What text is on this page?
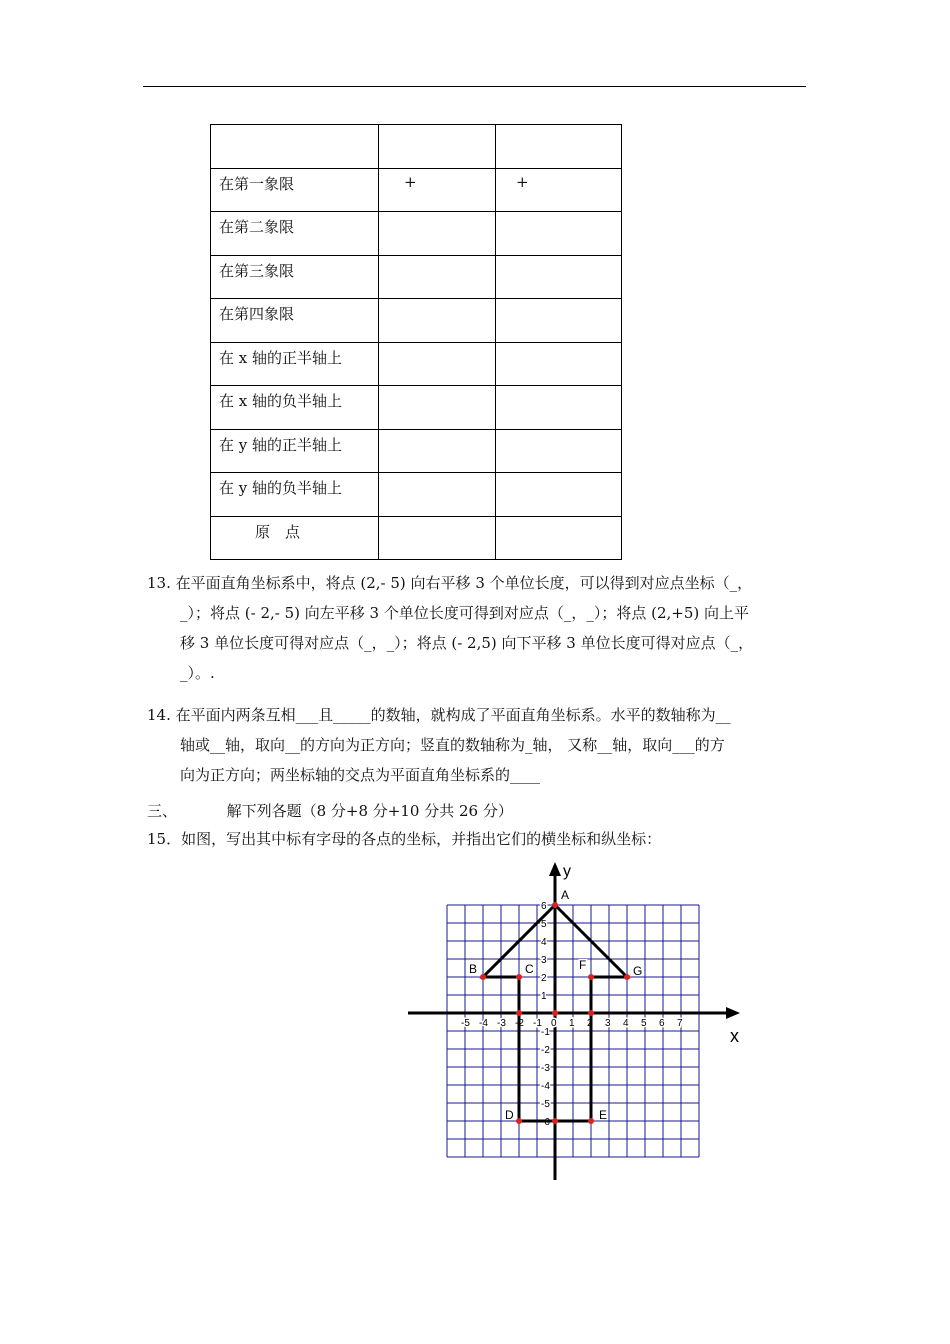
在第一象限	+	+
在第二象限		
在第三象限		
在第四象限		
在 x 轴的正半轴上		
在 x 轴的负半轴上		
在 y 轴的正半轴上		
在 y 轴的负半轴上		
原　点		
13. 在平面直角坐标系中，将点 (2,- 5) 向右平移 3 个单位长度，可以得到对应点坐标（_，
_）；将点 (- 2,- 5) 向左平移 3 个单位长度可得到对应点（_，_）；将点 (2,+5) 向上平
移 3 单位长度可得对应点（_，_）；将点 (- 2,5) 向下平移 3 单位长度可得对应点（_，
_）。.
14. 在平面内两条互相___且_____的数轴，就构成了平面直角坐标系。水平的数轴称为__
轴或__轴，取向__的方向为正方向；竖直的数轴称为_轴， 又称__轴，取向___的方
向为正方向；两坐标轴的交点为平面直角坐标系的____
三、	解下列各题（8 分+8 分+10 分共 26 分）
15．如图，写出其中标有字母的各点的坐标，并指出它们的横坐标和纵坐标：
x
y
-5 -4 -3 -2 -1 0 1 2 3 4 5 6 7
6
5
4
3
2
1
-1
-2
-3
-4
-5
-6
A
B	C
D	E
F	G
